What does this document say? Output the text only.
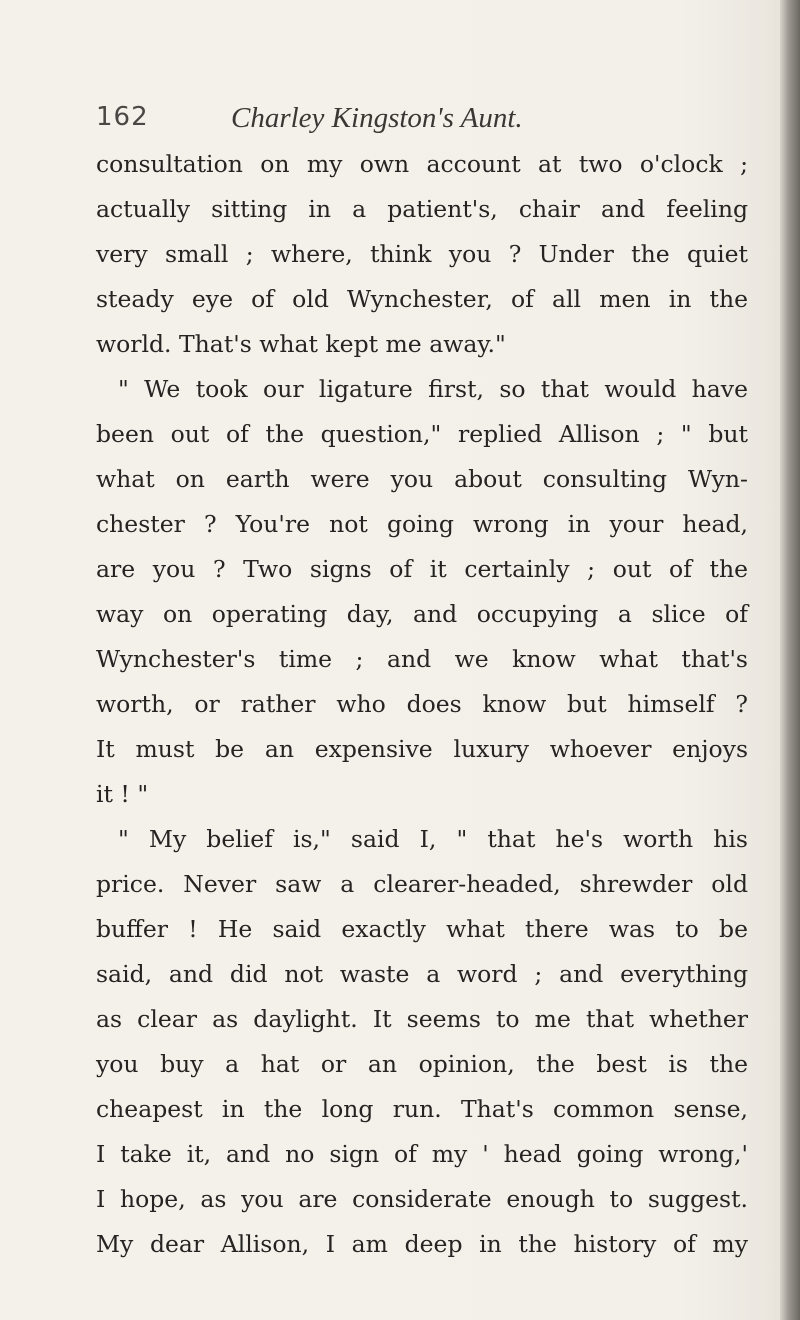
162	Charley Kingston's Aunt.
consultation on my own account at two o'clock ;
actually sitting in a patient's, chair and feeling
very small ; where, think you ? Under the quiet
steady eye of old Wynchester, of all men in the
world. That's what kept me away."
" We took our ligature first, so that would have
been out of the question," replied Allison ; " but
what on earth were you about consulting Wyn-
chester ? You're not going wrong in your head,
are you ? Two signs of it certainly ; out of the
way on operating day, and occupying a slice of
Wynchester's time ; and we know what that's
worth, or rather who does know but himself ?
It must be an expensive luxury whoever enjoys
it ! "
" My belief is," said I, " that he's worth his
price. Never saw a clearer-headed, shrewder old
buffer ! He said exactly what there was to be
said, and did not waste a word ; and everything
as clear as daylight. It seems to me that whether
you buy a hat or an opinion, the best is the
cheapest in the long run. That's common sense,
I take it, and no sign of my ' head going wrong,'
I hope, as you are considerate enough to suggest.
My dear Allison, I am deep in the history of my
